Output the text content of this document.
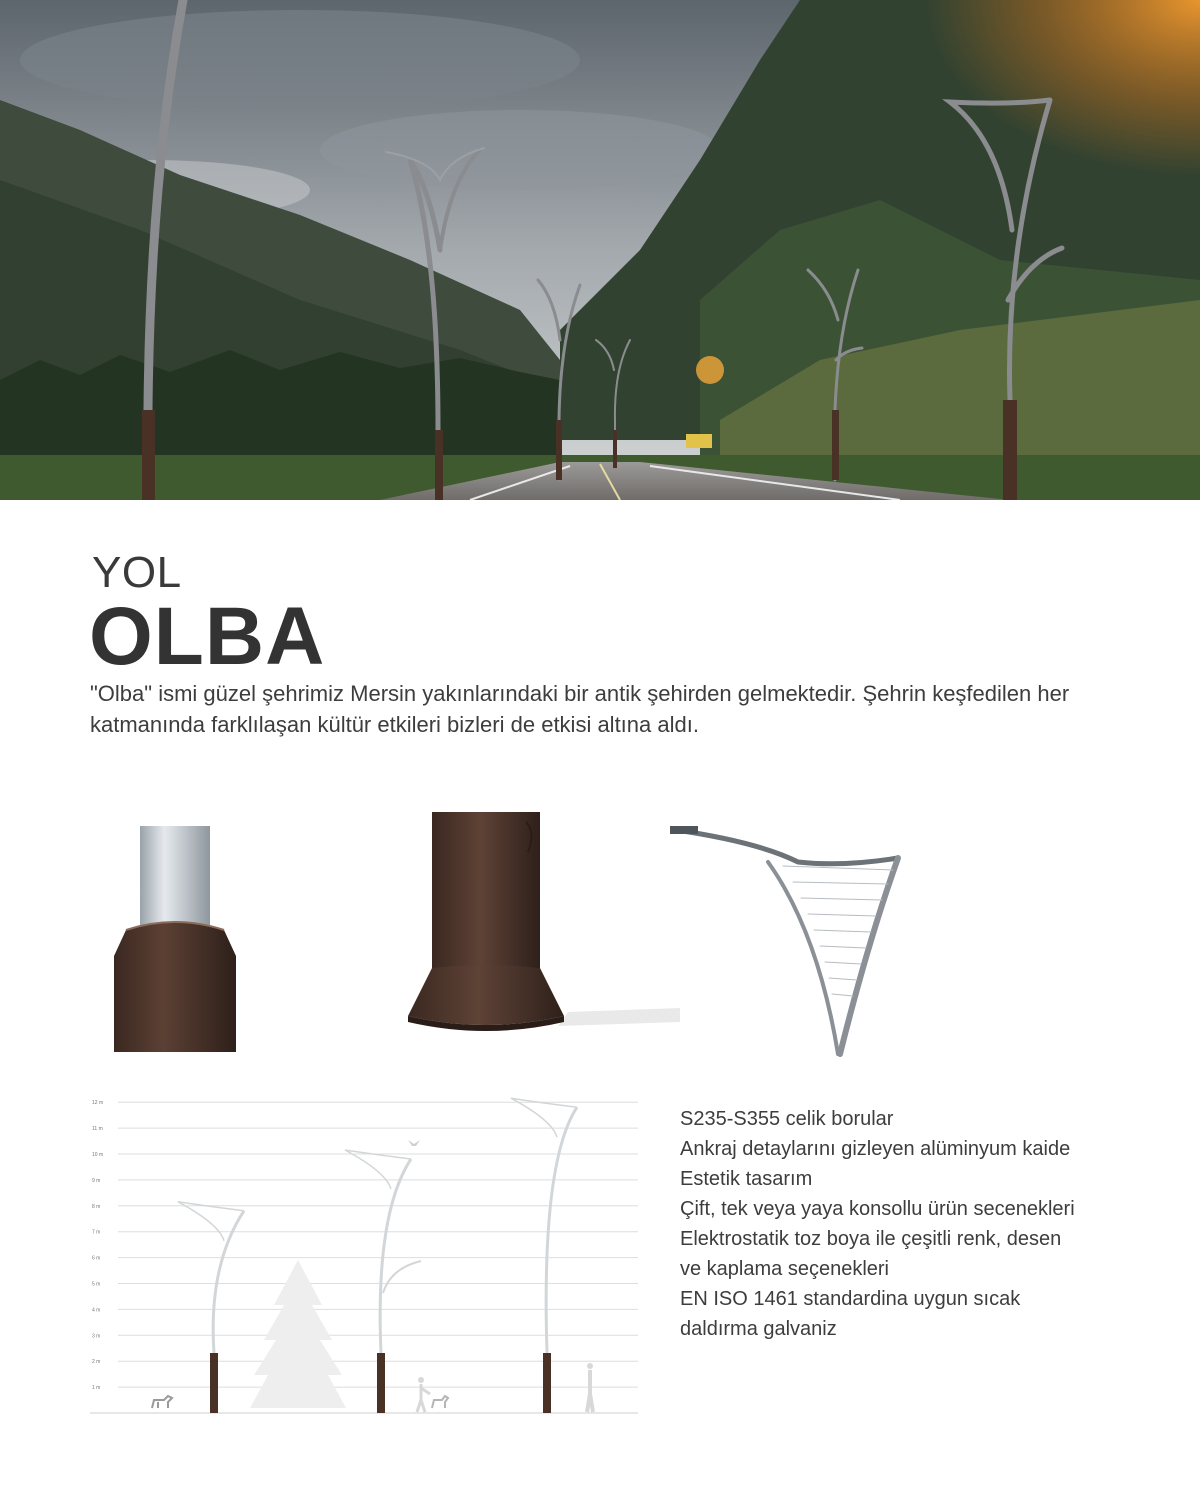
YOL
OLBA

"Olba" ismi güzel şehrimiz Mersin yakınlarındaki bir antik şehirden gelmektedir. Şehrin keşfedilen her katmanında farklılaşan kültür etkileri bizleri de etkisi altına aldı.

1 m
2 m
3 m
4 m
5 m
6 m
7 m
8 m
9 m
10 m
11 m
12 m
S235-S355 celik borular
Ankraj detaylarını gizleyen alüminyum kaide
Estetik tasarım
Çift, tek veya yaya konsollu ürün secenekleri
Elektrostatik toz boya ile çeşitli renk, desen
ve kaplama seçenekleri
EN ISO 1461 standardina uygun sıcak
daldırma galvaniz
